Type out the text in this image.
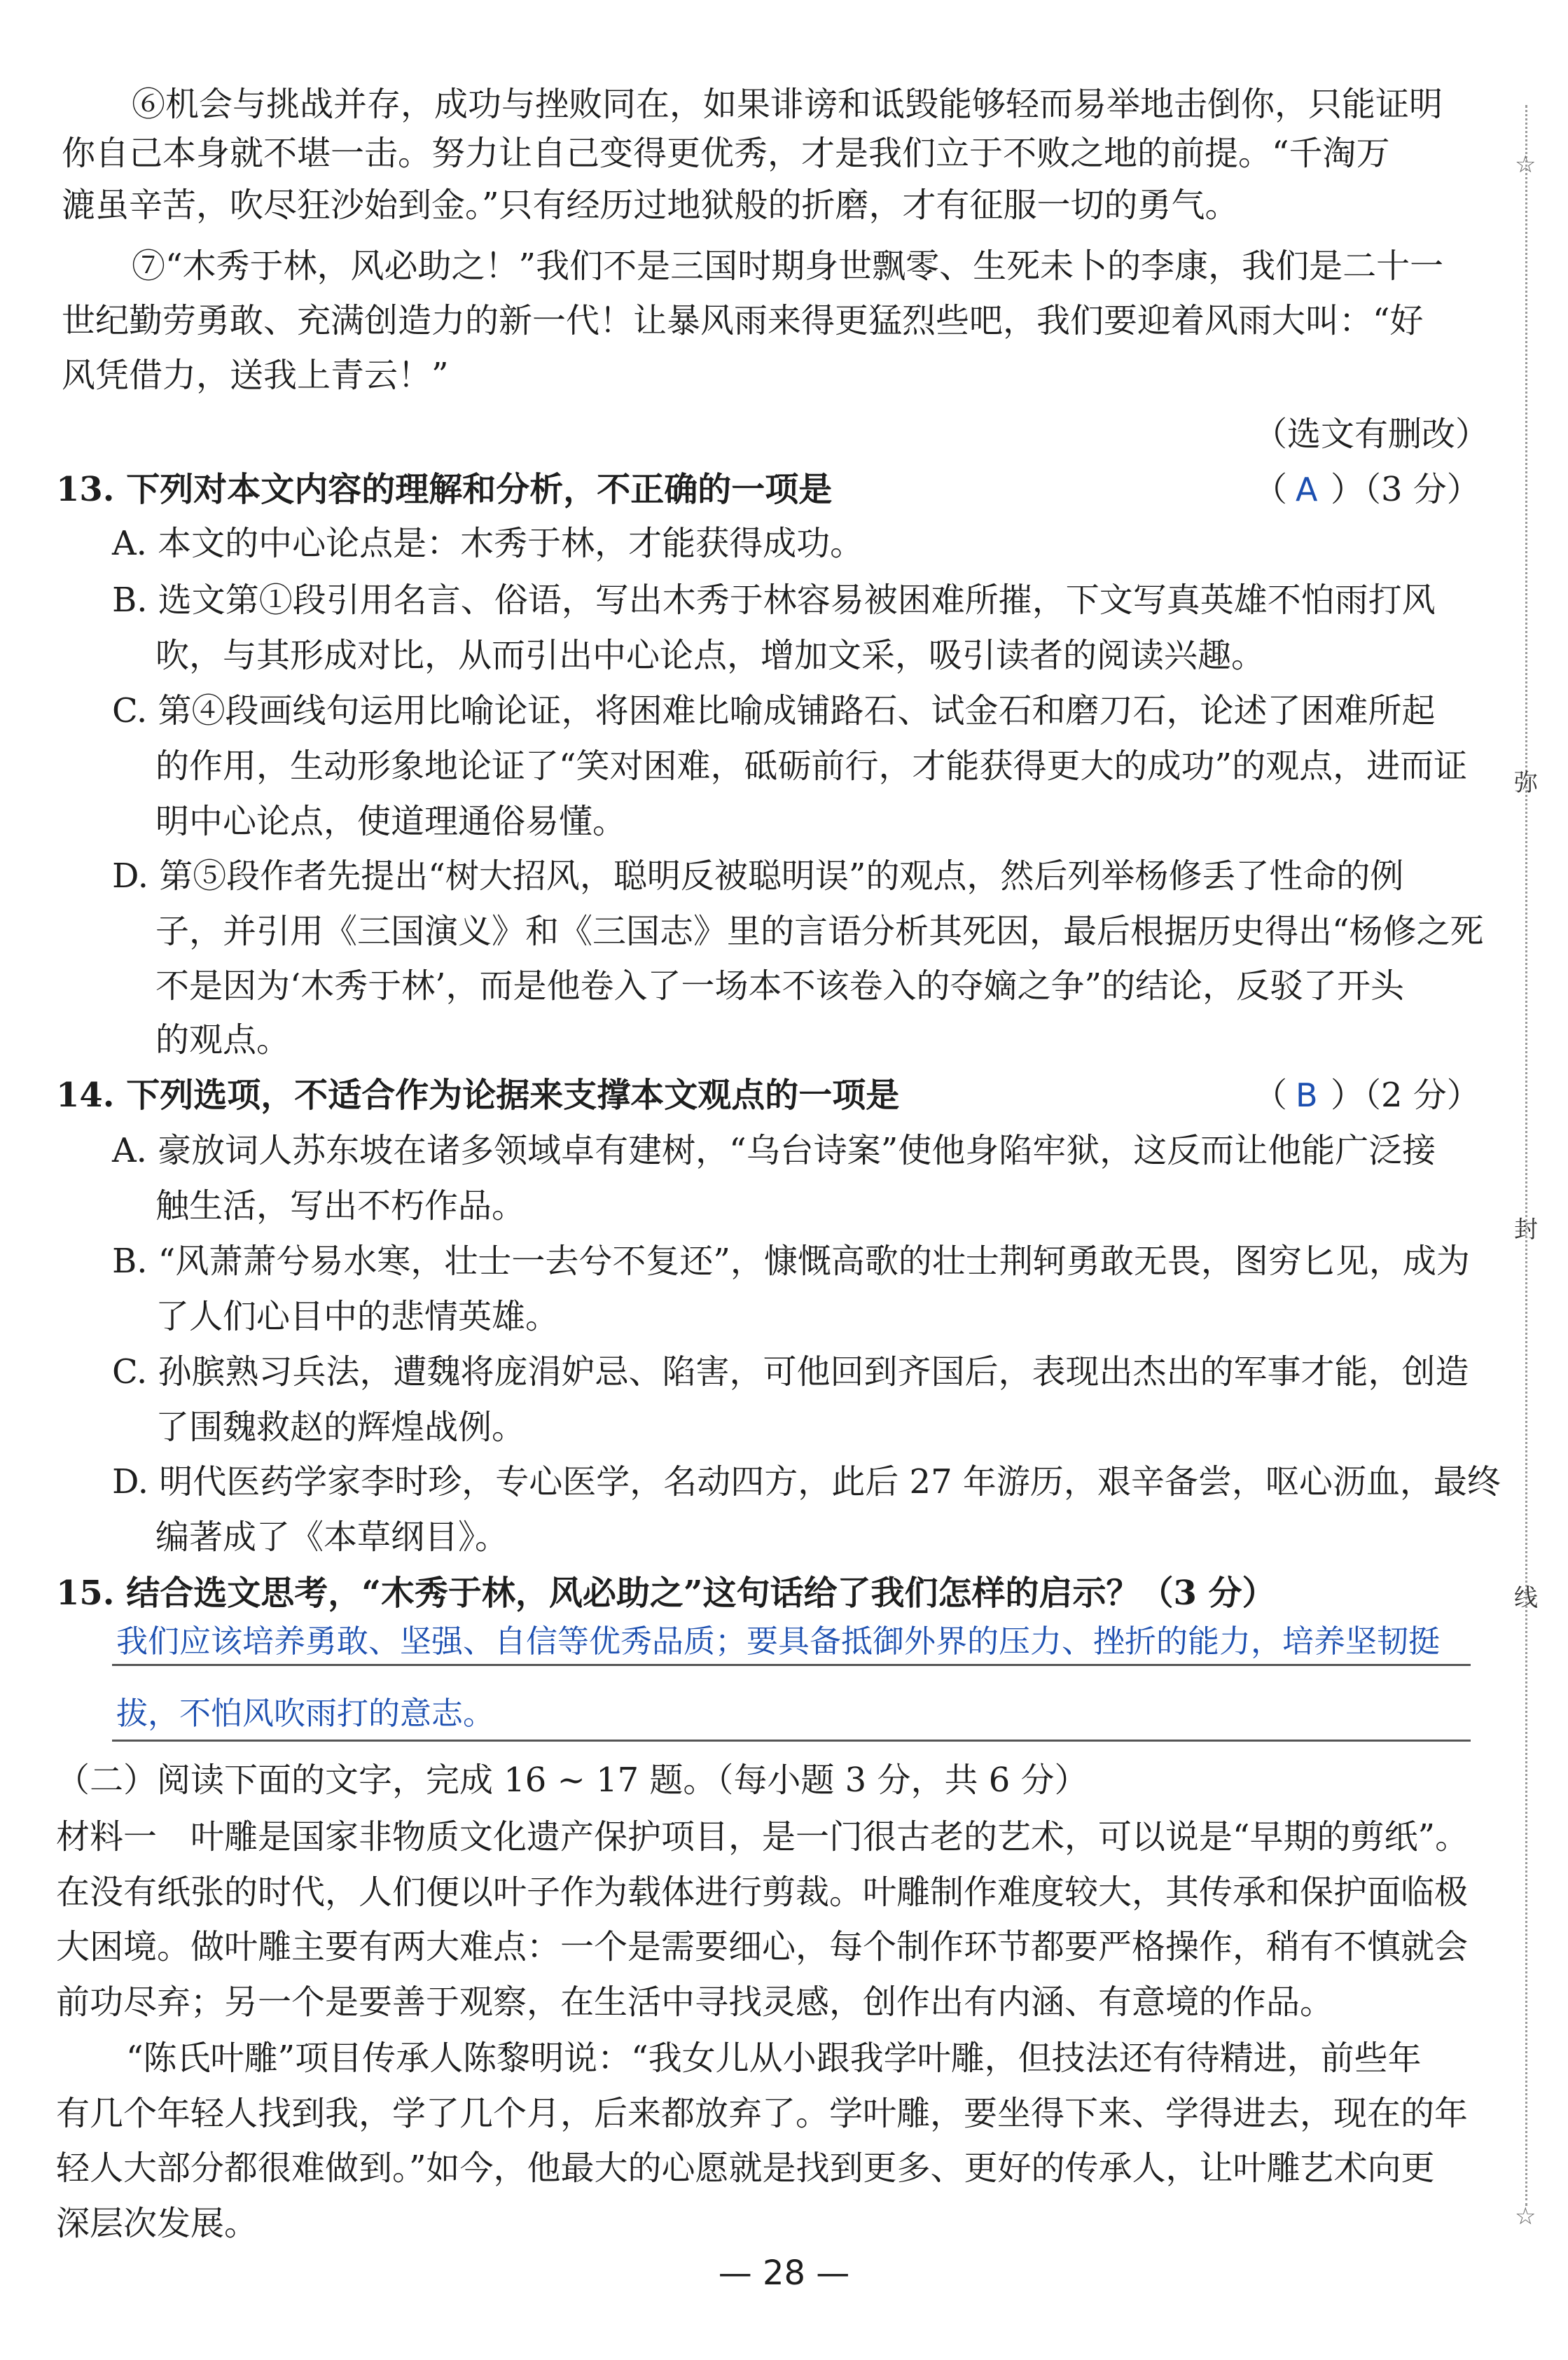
⑥机会与挑战并存，成功与挫败同在，如果诽谤和诋毁能够轻而易举地击倒你，只能证明

你自己本身就不堪一击。努力让自己变得更优秀，才是我们立于不败之地的前提。“千淘万

漉虽辛苦，吹尽狂沙始到金。”只有经历过地狱般的折磨，才有征服一切的勇气。

⑦“木秀于林，风必助之！”我们不是三国时期身世飘零、生死未卜的李康，我们是二十一

世纪勤劳勇敢、充满创造力的新一代！让暴风雨来得更猛烈些吧，我们要迎着风雨大叫：“好

风凭借力，送我上青云！”

（选文有删改）

13. 下列对本文内容的理解和分析，不正确的一项是	（ A ）（3 分）

A. 本文的中心论点是：木秀于林，才能获得成功。

B. 选文第①段引用名言、俗语，写出木秀于林容易被困难所摧，下文写真英雄不怕雨打风

吹，与其形成对比，从而引出中心论点，增加文采，吸引读者的阅读兴趣。

C. 第④段画线句运用比喻论证，将困难比喻成铺路石、试金石和磨刀石，论述了困难所起

的作用，生动形象地论证了“笑对困难，砥砺前行，才能获得更大的成功”的观点，进而证

明中心论点，使道理通俗易懂。

D. 第⑤段作者先提出“树大招风，聪明反被聪明误”的观点，然后列举杨修丢了性命的例

子，并引用《三国演义》和《三国志》里的言语分析其死因，最后根据历史得出“杨修之死

不是因为‘木秀于林’，而是他卷入了一场本不该卷入的夺嫡之争”的结论，反驳了开头

的观点。

14. 下列选项，不适合作为论据来支撑本文观点的一项是	（ B ）（2 分）

A. 豪放词人苏东坡在诸多领域卓有建树，“乌台诗案”使他身陷牢狱，这反而让他能广泛接

触生活，写出不朽作品。

B. “风萧萧兮易水寒，壮士一去兮不复还”，慷慨高歌的壮士荆轲勇敢无畏，图穷匕见，成为

了人们心目中的悲情英雄。

C. 孙膑熟习兵法，遭魏将庞涓妒忌、陷害，可他回到齐国后，表现出杰出的军事才能，创造

了围魏救赵的辉煌战例。

D. 明代医药学家李时珍，专心医学，名动四方，此后 27 年游历，艰辛备尝，呕心沥血，最终

编著成了《本草纲目》。

15. 结合选文思考，“木秀于林，风必助之”这句话给了我们怎样的启示？（3 分）

我们应该培养勇敢、坚强、自信等优秀品质；要具备抵御外界的压力、挫折的能力，培养坚韧挺

拔，不怕风吹雨打的意志。

（二）阅读下面的文字，完成 16 ~ 17 题。（每小题 3 分，共 6 分）

材料一　叶雕是国家非物质文化遗产保护项目，是一门很古老的艺术，可以说是“早期的剪纸”。

在没有纸张的时代，人们便以叶子作为载体进行剪裁。叶雕制作难度较大，其传承和保护面临极

大困境。做叶雕主要有两大难点：一个是需要细心，每个制作环节都要严格操作，稍有不慎就会

前功尽弃；另一个是要善于观察，在生活中寻找灵感，创作出有内涵、有意境的作品。

“陈氏叶雕”项目传承人陈黎明说：“我女儿从小跟我学叶雕，但技法还有待精进，前些年

有几个年轻人找到我，学了几个月，后来都放弃了。学叶雕，要坐得下来、学得进去，现在的年

轻人大部分都很难做到。”如今，他最大的心愿就是找到更多、更好的传承人，让叶雕艺术向更

深层次发展。

☆
☆
弥
封
线
— 28 —
